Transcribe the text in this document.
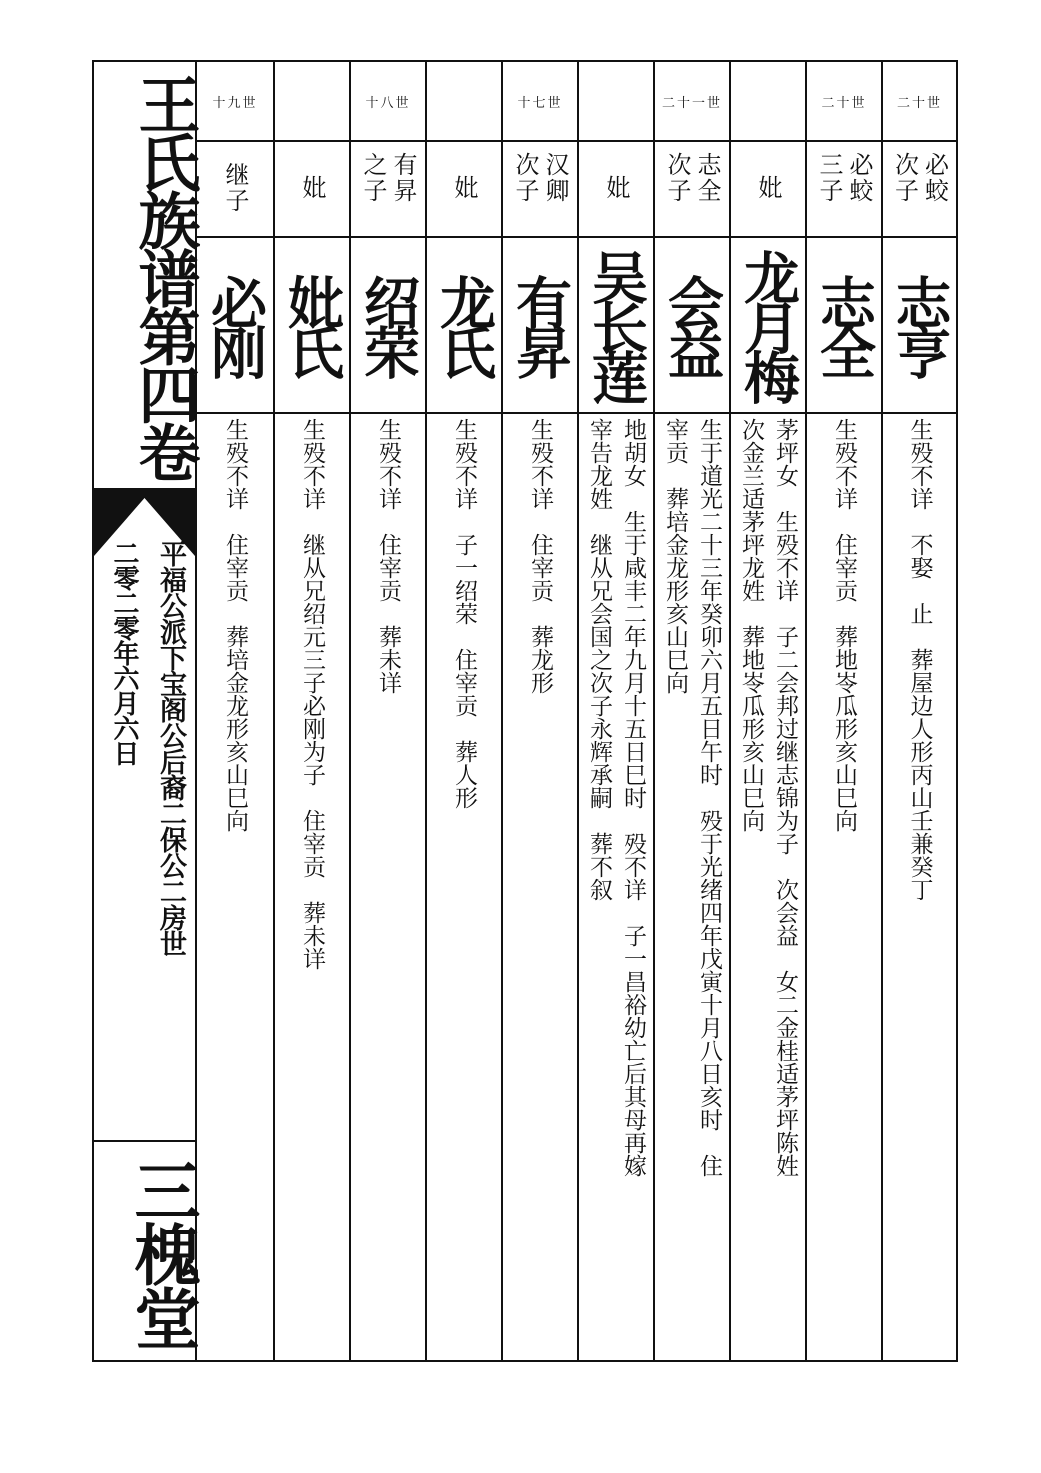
王氏族谱第四卷
平福公派下宝阁公后裔二保公二房世
二零二零年六月六日
三槐堂
二十世
必蛟次子
志亨
生殁不详　不娶　止　葬屋边人形丙山壬兼癸丁
二十世
必蛟三子
志全
生殁不详　住宰贡　葬地岺瓜形亥山巳向
妣
龙月梅
茅坪女　生殁不详　子二会邦过继志锦为子　次会益　女二金桂适茅坪陈姓
次金兰适茅坪龙姓　葬地岺瓜形亥山巳向
二十一世
志全次子
会益
生于道光二十三年癸卯六月五日午时　殁于光绪四年戊寅十月八日亥时　住
宰贡　葬培金龙形亥山巳向
妣
吴长莲
地胡女　生于咸丰二年九月十五日巳时　殁不详　子一昌裕幼亡后其母再嫁
宰告龙姓　继从兄会国之次子永辉承嗣　葬不叙
十七世
汉卿次子
有昇
生殁不详　住宰贡　葬龙形
妣
龙氏
生殁不详　子一绍荣　住宰贡　葬人形
十八世
有昇之子
绍荣
生殁不详　住宰贡　葬未详
妣
妣氏
生殁不详　继从兄绍元三子必刚为子　住宰贡　葬未详
十九世
继子
必刚
生殁不详　住宰贡　葬培金龙形亥山巳向
